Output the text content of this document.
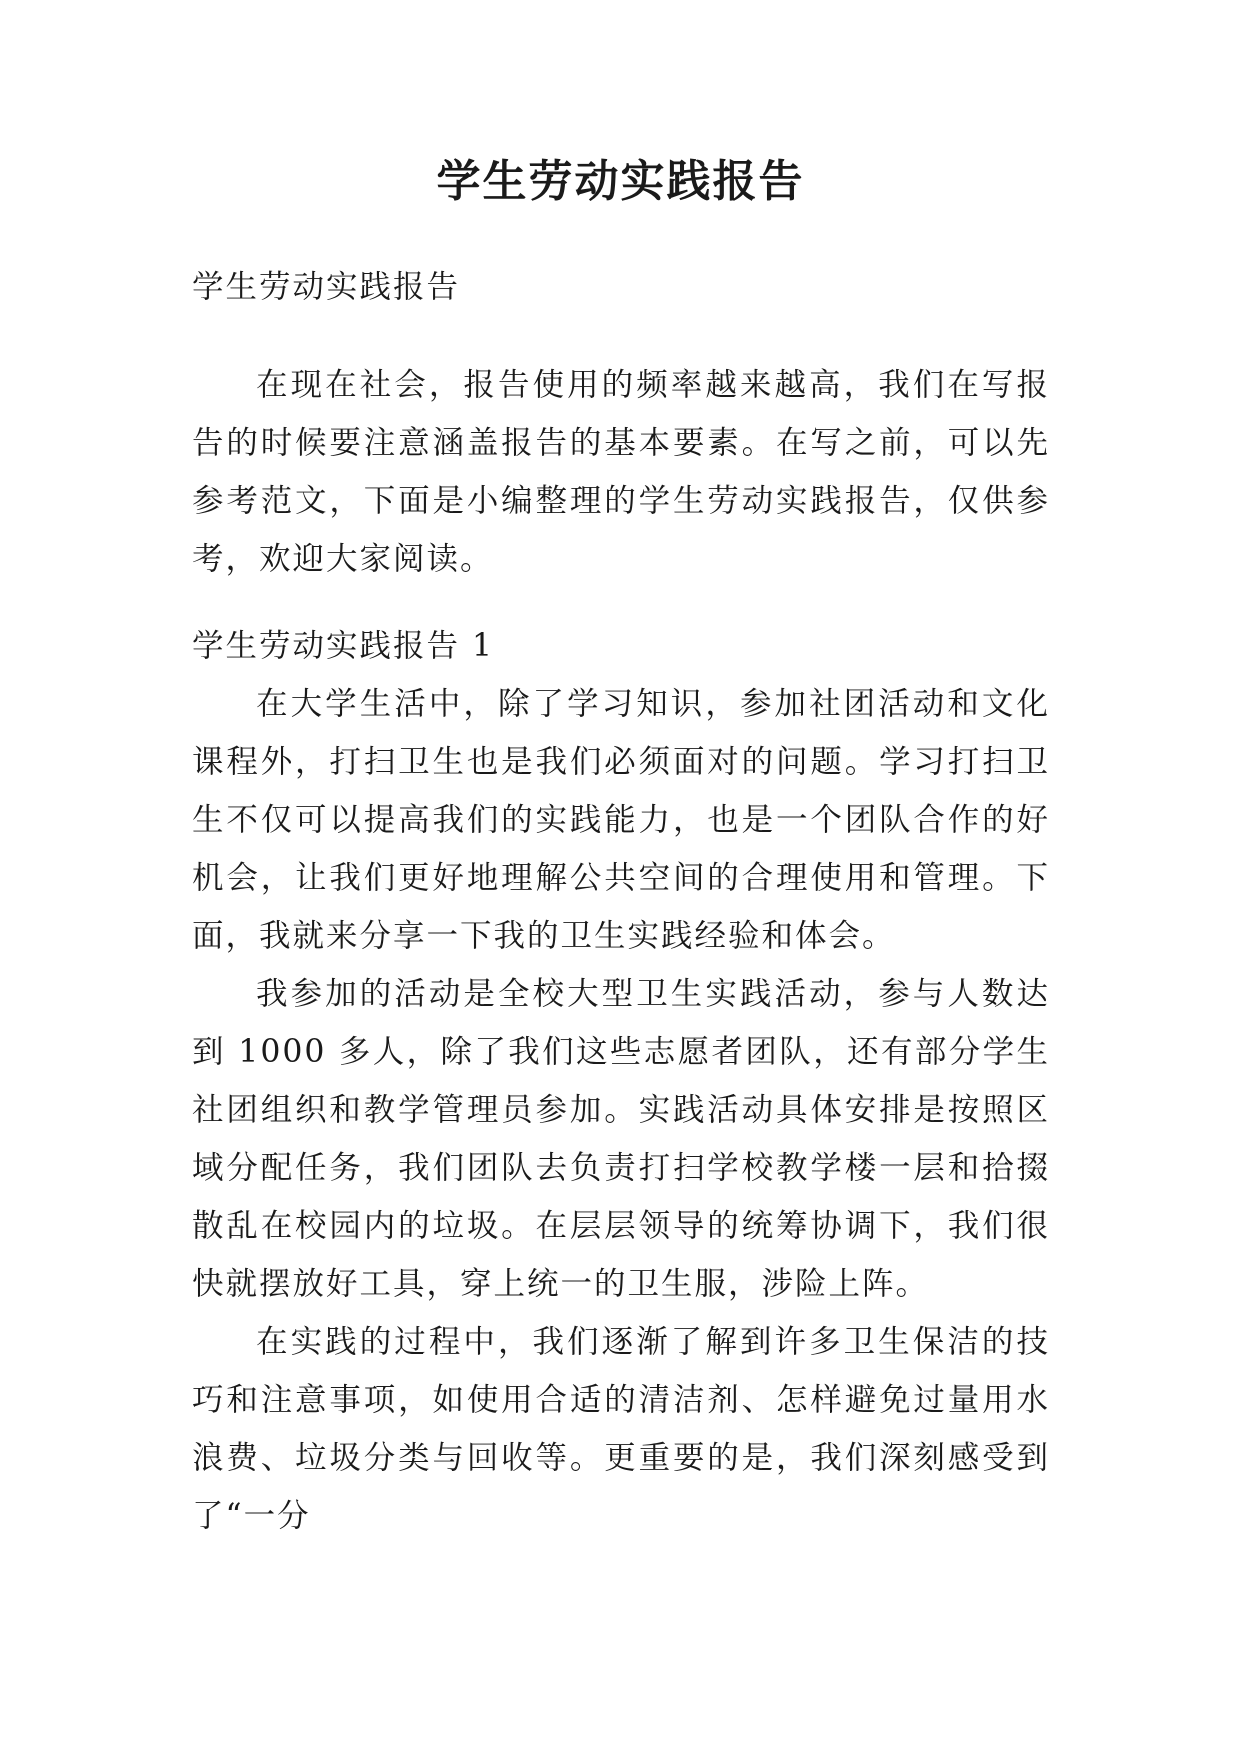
学生劳动实践报告

学生劳动实践报告

在现在社会，报告使用的频率越来越高，我们在写报告的时候要注意涵盖报告的基本要素。在写之前，可以先参考范文，下面是小编整理的学生劳动实践报告，仅供参考，欢迎大家阅读。

学生劳动实践报告 1

在大学生活中，除了学习知识，参加社团活动和文化课程外，打扫卫生也是我们必须面对的问题。学习打扫卫生不仅可以提高我们的实践能力，也是一个团队合作的好机会，让我们更好地理解公共空间的合理使用和管理。下面，我就来分享一下我的卫生实践经验和体会。

我参加的活动是全校大型卫生实践活动，参与人数达到 1000 多人，除了我们这些志愿者团队，还有部分学生社团组织和教学管理员参加。实践活动具体安排是按照区域分配任务，我们团队去负责打扫学校教学楼一层和拾掇散乱在校园内的垃圾。在层层领导的统筹协调下，我们很快就摆放好工具，穿上统一的卫生服，涉险上阵。

在实践的过程中，我们逐渐了解到许多卫生保洁的技巧和注意事项，如使用合适的清洁剂、怎样避免过量用水浪费、垃圾分类与回收等。更重要的是，我们深刻感受到了“一分
